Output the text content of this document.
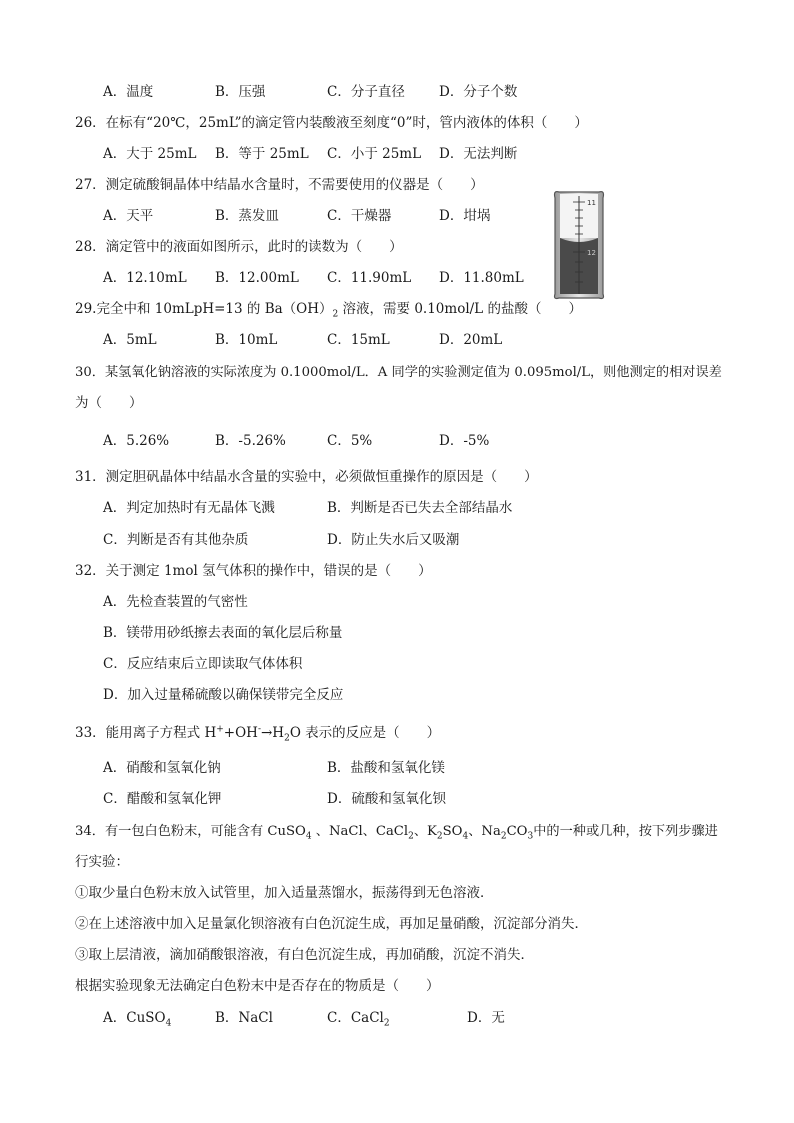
A．温度	B．压强	C．分子直径	D．分子个数
26．在标有“20℃，25mL”的滴定管内装酸液至刻度“0”时，管内液体的体积（　　）
A．大于 25mL B．等于 25mL C．小于 25mL D．无法判断
27．测定硫酸铜晶体中结晶水含量时，不需要使用的仪器是（　　）
A．天平	B．蒸发皿	C．干燥器	D．坩埚
11
12
28．滴定管中的液面如图所示，此时的读数为（　　）
A．12.10mL B．12.00mL C．11.90mL D．11.80mL
29.完全中和 10mLpH=13 的 $Ba(OH)_2$ 溶液，需要 0.10mol/L 的盐酸（　　）
A．5mL	B．10mL	C．15mL	D．20mL
30．某氢氧化钠溶液的实际浓度为 0.1000mol/L．A 同学的实验测定值为 0.095mol/L，则他测定的相对误差
为（　　）
A．5.26%	B．-5.26%	C．5%	D．-5%
31．测定胆矾晶体中结晶水含量的实验中，必须做恒重操作的原因是（　　）
A．判定加热时有无晶体飞溅	B．判断是否已失去全部结晶水
C．判断是否有其他杂质	D．防止失水后又吸潮
32．关于测定 1mol 氢气体积的操作中，错误的是（　　）
A．先检查装置的气密性
B．镁带用砂纸擦去表面的氧化层后称量
C．反应结束后立即读取气体体积
D．加入过量稀硫酸以确保镁带完全反应
33．能用离子方程式 $H^++OH^-\to H_2O$ 表示的反应是（　　）
A．硝酸和氢氧化钠	B．盐酸和氢氧化镁
C．醋酸和氢氧化钾	D．硫酸和氢氧化钡
34．有一包白色粉末，可能含有 CuSO$_4$ 、NaCl、CaCl$_2$、$K_2SO_4$、$Na_2CO_3$中的一种或几种，按下列步骤进
行实验：
①取少量白色粉末放入试管里，加入适量蒸馏水，振荡得到无色溶液．
②在上述溶液中加入足量氯化钡溶液有白色沉淀生成，再加足量硝酸，沉淀部分消失．
③取上层清液，滴加硝酸银溶液，有白色沉淀生成，再加硝酸，沉淀不消失．
根据实验现象无法确定白色粉末中是否存在的物质是（　　）
A．CuSO$_4$	B．NaCl	C．CaCl$_2$	D．无
